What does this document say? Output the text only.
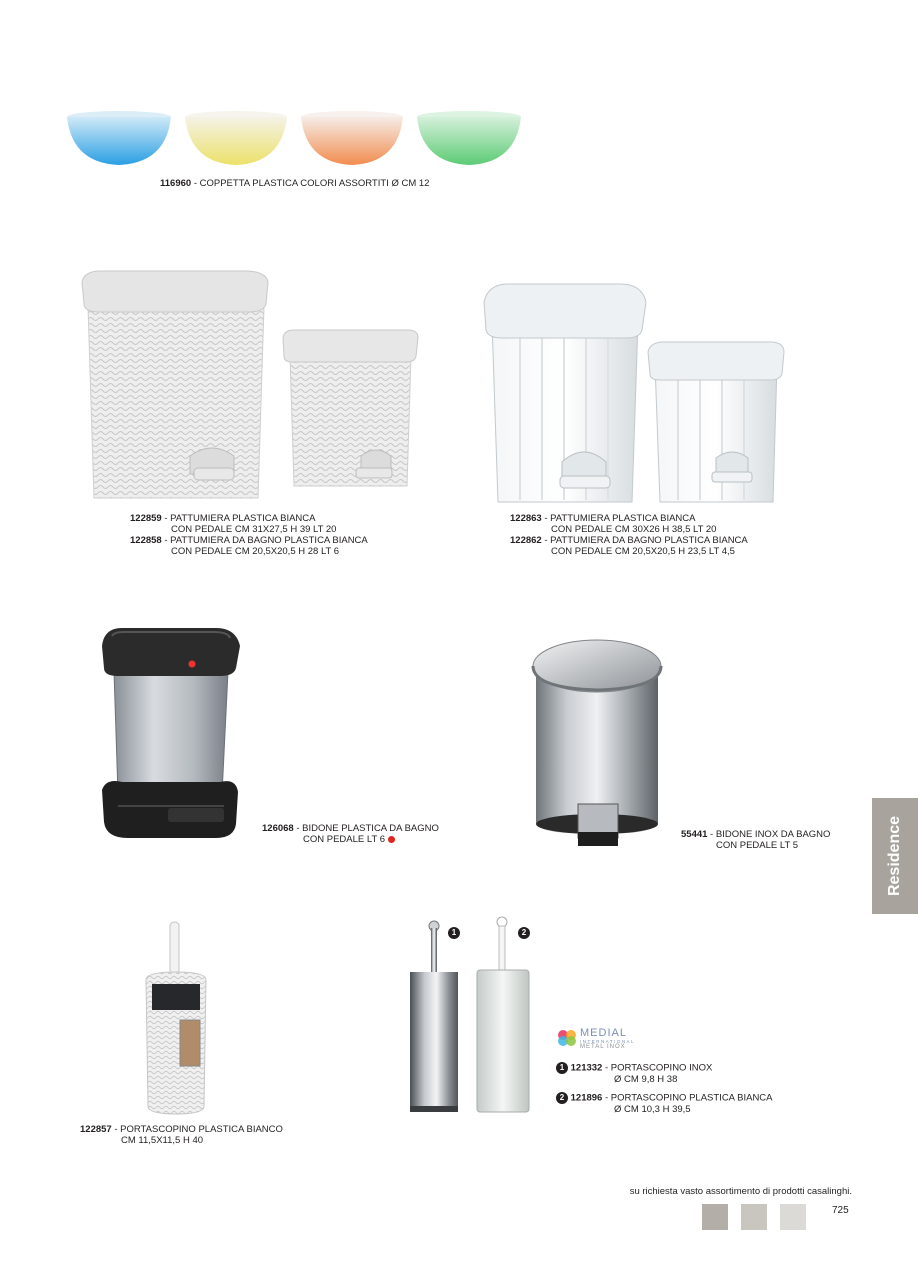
116960 - COPPETTA PLASTICA COLORI ASSORTITI Ø CM 12
122859 - PATTUMIERA PLASTICA BIANCA
CON PEDALE CM 31X27,5 H 39 LT 20
122858 - PATTUMIERA DA BAGNO PLASTICA BIANCA
CON PEDALE CM 20,5X20,5 H 28 LT 6
122863 - PATTUMIERA PLASTICA BIANCA
CON PEDALE CM 30X26 H 38,5 LT 20
122862 - PATTUMIERA DA BAGNO PLASTICA BIANCA
CON PEDALE CM 20,5X20,5 H 23,5 LT 4,5
126068 - BIDONE PLASTICA DA BAGNO
CON PEDALE LT 6	55441 - BIDONE INOX DA BAGNO
CON PEDALE LT 5	Residence
122857 - PORTASCOPINO PLASTICA BIANCO
CM 11,5X11,5 H 40
1	2
MEDIAL
INTERNATIONAL
METAL INOX
1 121332 - PORTASCOPINO INOX
Ø CM 9,8 H 38
2 121896 - PORTASCOPINO PLASTICA BIANCA
Ø CM 10,3 H 39,5
su richiesta vasto assortimento di prodotti casalinghi.
725
